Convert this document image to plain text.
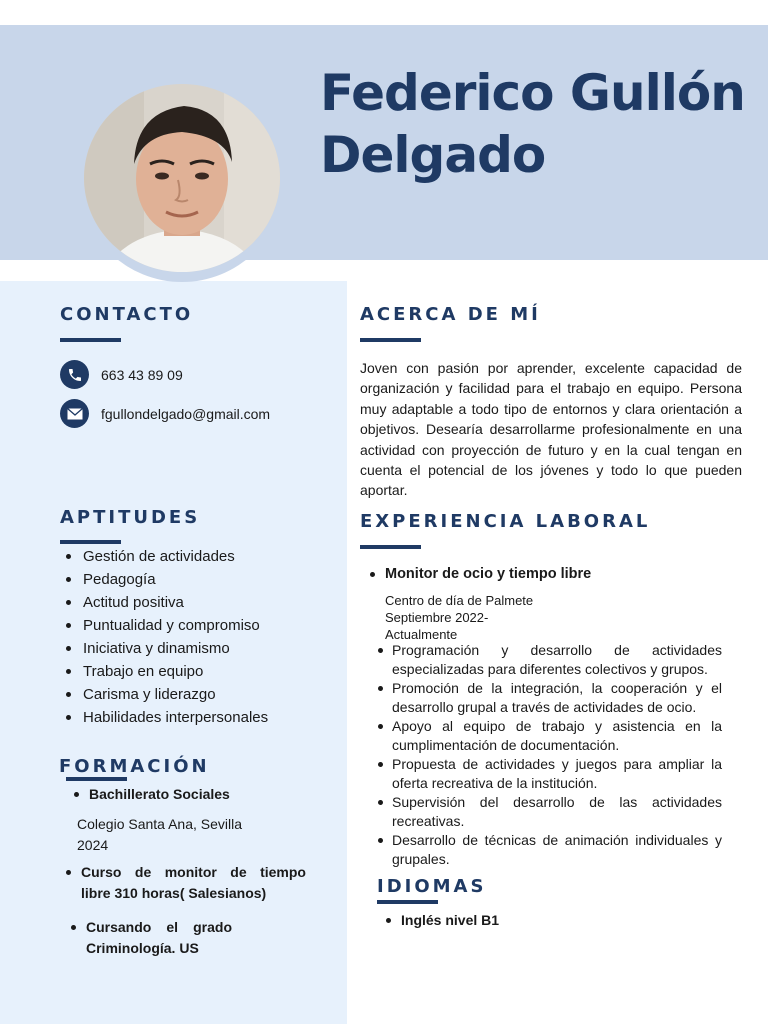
Federico Gullón
Delgado
CONTACTO
663 43 89 09
fgullondelgado@gmail.com
APTITUDES
Gestión de actividades
Pedagogía
Actitud positiva
Puntualidad y compromiso
Iniciativa y dinamismo
Trabajo en equipo
Carisma y liderazgo
Habilidades interpersonales
FORMACIÓN
Bachillerato Sociales
Colegio Santa Ana, Sevilla
2024
Curso de monitor de tiempo
libre 310 horas( Salesianos)
Cursando el grado
Criminología. US
ACERCA DE MÍ
Joven con pasión por aprender, excelente capacidad de organización y facilidad para el trabajo en equipo. Persona muy adaptable a todo tipo de entornos y clara orientación a objetivos. Desearía desarrollarme profesionalmente en una actividad con proyección de futuro y en la cual tengan en cuenta el potencial de los jóvenes y todo lo que pueden aportar.
EXPERIENCIA LABORAL
Monitor de ocio y tiempo libre
Centro de día de Palmete
Septiembre 2022-
Actualmente
Programación y desarrollo de actividades especializadas para diferentes colectivos y grupos.
Promoción de la integración, la cooperación y el desarrollo grupal a través de actividades de ocio.
Apoyo al equipo de trabajo y asistencia en la cumplimentación de documentación.
Propuesta de actividades y juegos para ampliar la oferta recreativa de la institución.
Supervisión del desarrollo de las actividades recreativas.
Desarrollo de técnicas de animación individuales y grupales.
IDIOMAS
Inglés nivel B1
